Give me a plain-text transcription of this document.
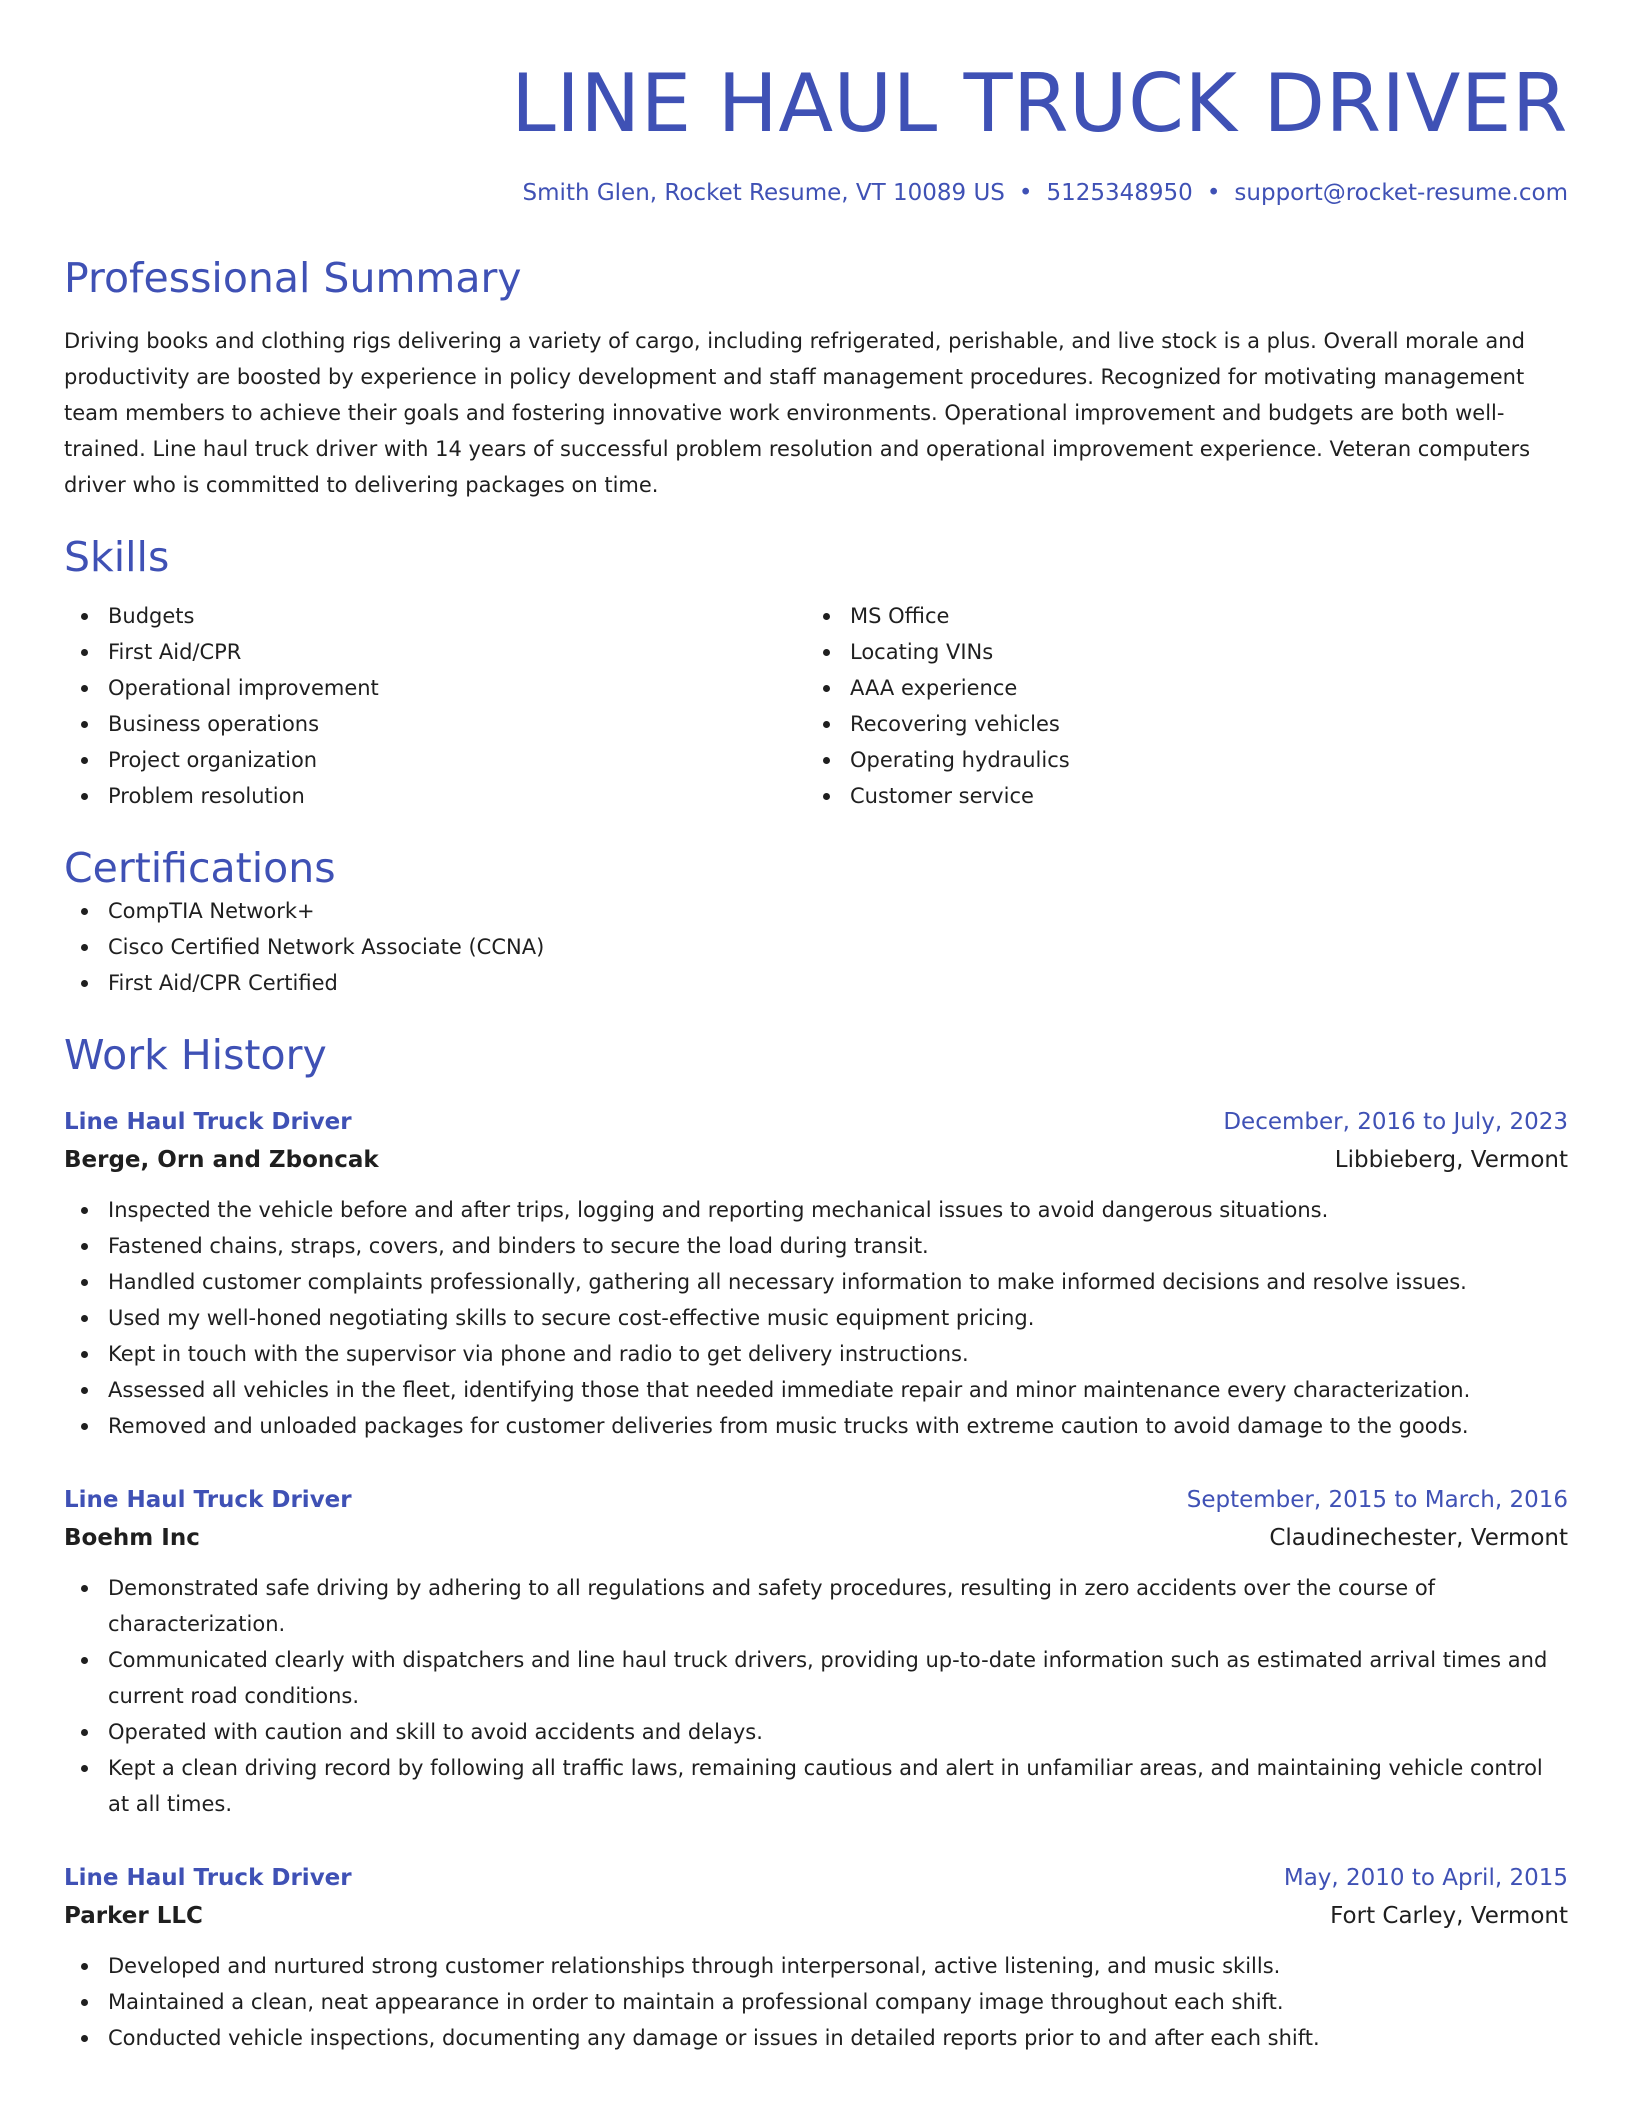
LINE HAUL TRUCK DRIVER
Smith Glen, Rocket Resume, VT 10089 US • 5125348950 • support@rocket-resume.com
Professional Summary

Driving books and clothing rigs delivering a variety of cargo, including refrigerated, perishable, and live stock is a plus. Overall morale and productivity are boosted by experience in policy development and staff management procedures. Recognized for motivating management team members to achieve their goals and fostering innovative work environments. Operational improvement and budgets are both well-trained. Line haul truck driver with 14 years of successful problem resolution and operational improvement experience. Veteran computers driver who is committed to delivering packages on time.

Skills
Budgets
First Aid/CPR
Operational improvement
Business operations
Project organization
Problem resolution
MS Office
Locating VINs
AAA experience
Recovering vehicles
Operating hydraulics
Customer service
Certifications
CompTIA Network+
Cisco Certified Network Associate (CCNA)
First Aid/CPR Certified
Work History
Line Haul Truck Driver	December, 2016 to July, 2023
Berge, Orn and Zboncak	Libbieberg, Vermont
Inspected the vehicle before and after trips, logging and reporting mechanical issues to avoid dangerous situations.
Fastened chains, straps, covers, and binders to secure the load during transit.
Handled customer complaints professionally, gathering all necessary information to make informed decisions and resolve issues.
Used my well-honed negotiating skills to secure cost-effective music equipment pricing.
Kept in touch with the supervisor via phone and radio to get delivery instructions.
Assessed all vehicles in the fleet, identifying those that needed immediate repair and minor maintenance every characterization.
Removed and unloaded packages for customer deliveries from music trucks with extreme caution to avoid damage to the goods.
Line Haul Truck Driver	September, 2015 to March, 2016
Boehm Inc	Claudinechester, Vermont
Demonstrated safe driving by adhering to all regulations and safety procedures, resulting in zero accidents over the course of characterization.
Communicated clearly with dispatchers and line haul truck drivers, providing up-to-date information such as estimated arrival times and current road conditions.
Operated with caution and skill to avoid accidents and delays.
Kept a clean driving record by following all traffic laws, remaining cautious and alert in unfamiliar areas, and maintaining vehicle control at all times.
Line Haul Truck Driver	May, 2010 to April, 2015
Parker LLC	Fort Carley, Vermont
Developed and nurtured strong customer relationships through interpersonal, active listening, and music skills.
Maintained a clean, neat appearance in order to maintain a professional company image throughout each shift.
Conducted vehicle inspections, documenting any damage or issues in detailed reports prior to and after each shift.
